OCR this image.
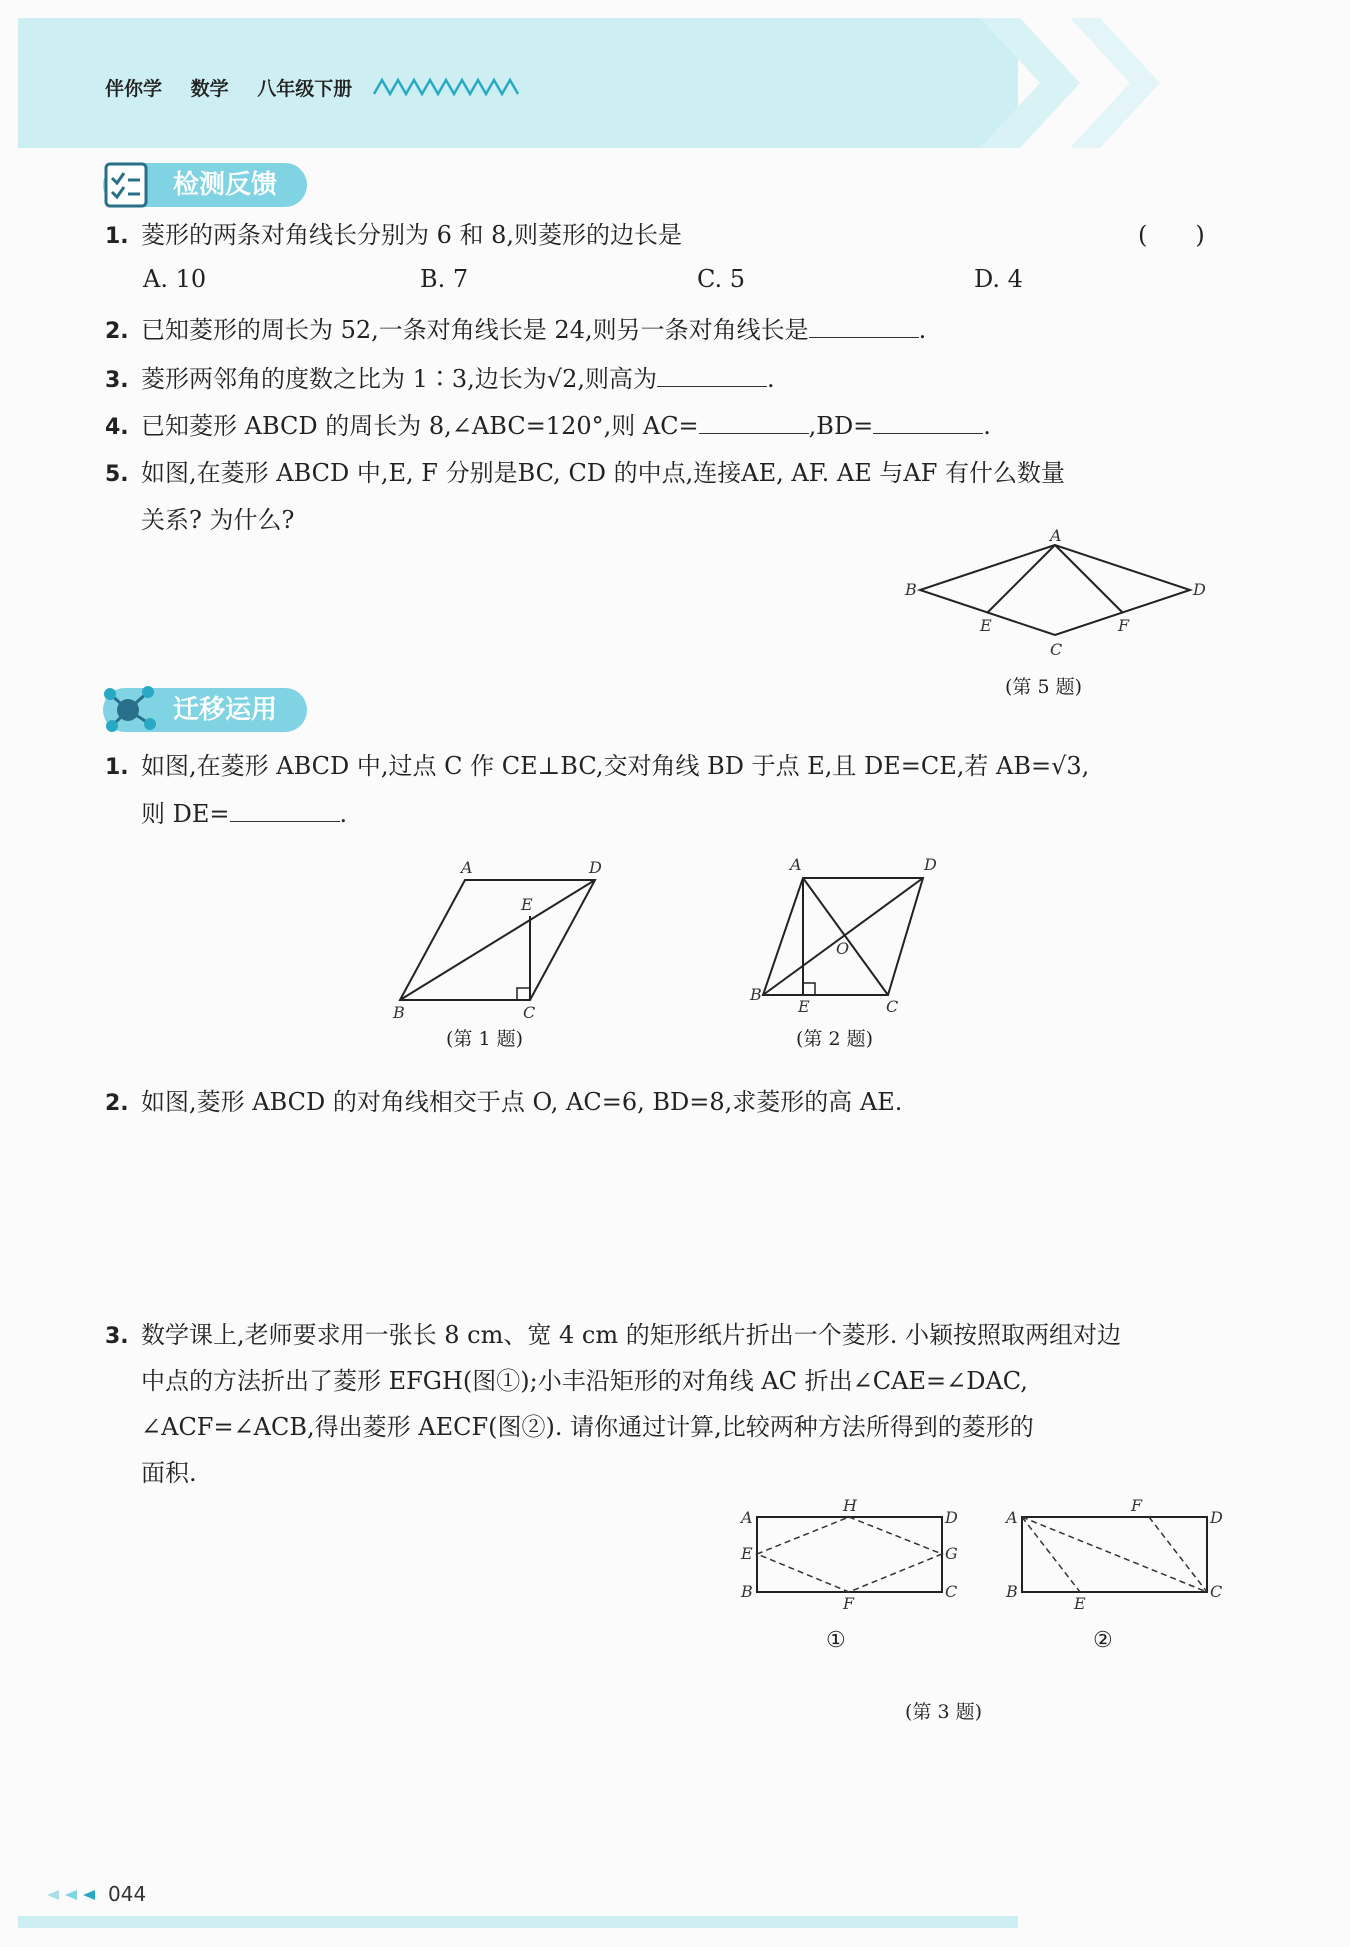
伴你学 数学 八年级下册
检测反馈
1. 菱形的两条对角线长分别为 6 和 8,则菱形的边长是	(　　)
A. 10	B. 7	C. 5	D. 4
2. 已知菱形的周长为 52,一条对角线长是 24,则另一条对角线长是	.
3. 菱形两邻角的度数之比为 1∶3,边长为√2,则高为	.
4. 已知菱形 ABCD 的周长为 8,∠ABC=120°,则 AC=	,BD=	.
5. 如图,在菱形 ABCD 中,E, F 分别是BC, CD 的中点,连接AE, AF. AE 与AF 有什么数量
关系? 为什么?
A
B	D
E	F
C
(第 5 题)
迁移运用
1. 如图,在菱形 ABCD 中,过点 C 作 CE⊥BC,交对角线 BD 于点 E,且 DE=CE,若 AB=√3,
则 DE=	.
A	D
E
B	C
(第 1 题)
A	D
O
B
E	C
(第 2 题)
2. 如图,菱形 ABCD 的对角线相交于点 O, AC=6, BD=8,求菱形的高 AE.
3. 数学课上,老师要求用一张长 8 cm、宽 4 cm 的矩形纸片折出一个菱形. 小颖按照取两组对边
中点的方法折出了菱形 EFGH(图①);小丰沿矩形的对角线 AC 折出∠CAE=∠DAC,
∠ACF=∠ACB,得出菱形 AECF(图②). 请你通过计算,比较两种方法所得到的菱形的
面积.
A
H
D
E	G
B
F
C
①
A
F
D
B
E
C
②
(第 3 题)
044
